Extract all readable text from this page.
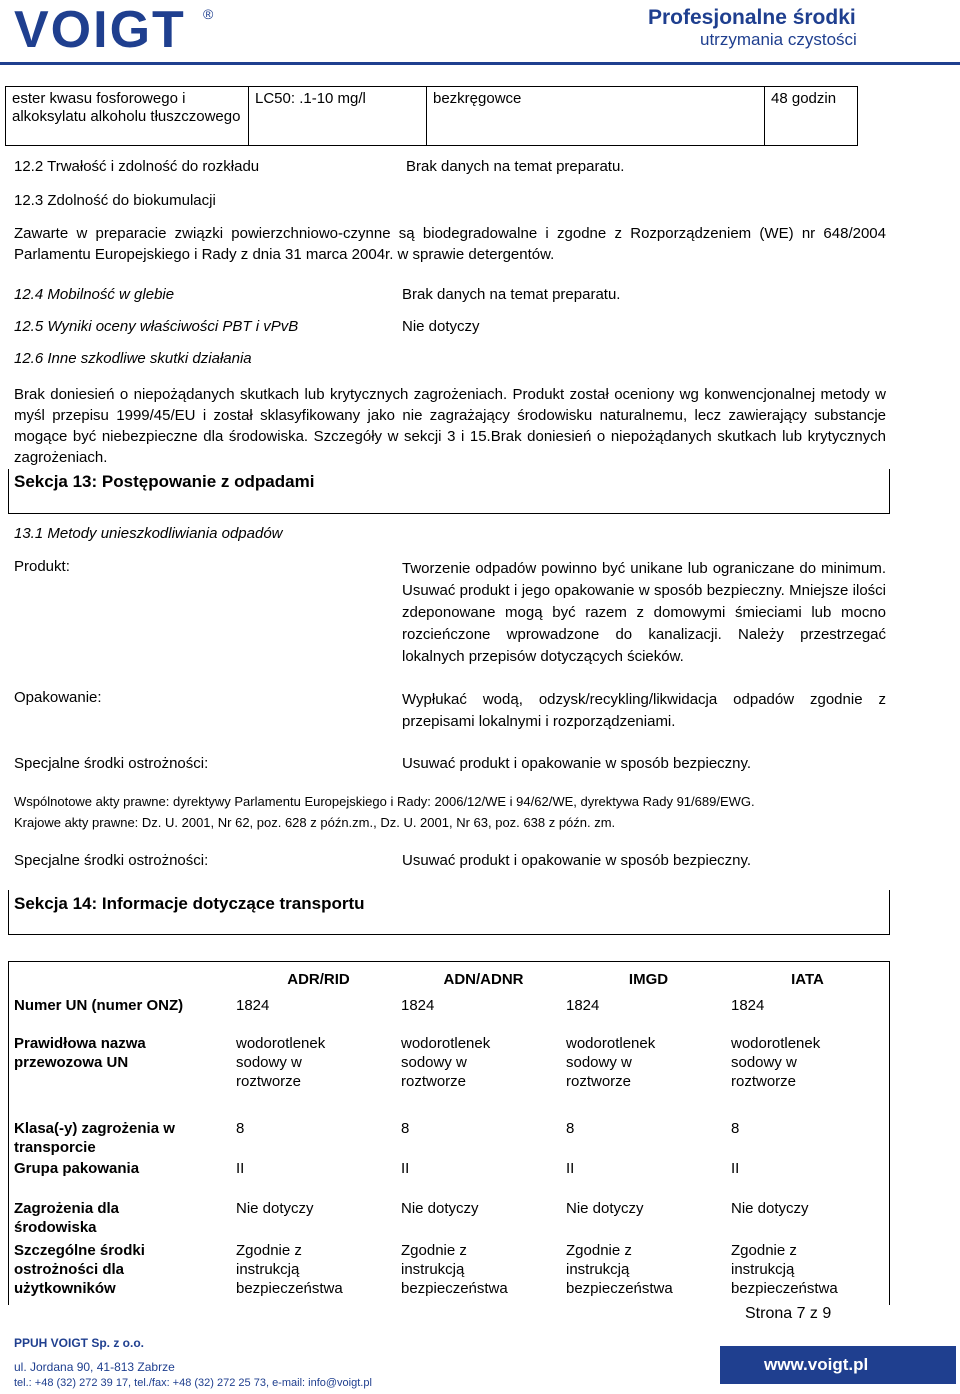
VOIGT ®	Profesjonalne środki
utrzymania czystości
ester kwasu fosforowego i alkoksylatu alkoholu tłuszczowego	LC50: .1-10 mg/l	bezkręgowce	48 godzin
12.2 Trwałość i zdolność do rozkładu	Brak danych na temat preparatu.
12.3 Zdolność do biokumulacji
Zawarte w preparacie związki powierzchniowo-czynne są biodegradowalne i zgodne z Rozporządzeniem (WE) nr 648/2004 Parlamentu Europejskiego i Rady z dnia 31 marca 2004r. w sprawie detergentów.
12.4 Mobilność w glebie	Brak danych na temat preparatu.
12.5 Wyniki oceny właściwości PBT i vPvB	Nie dotyczy
12.6 Inne szkodliwe skutki działania
Brak doniesień o niepożądanych skutkach lub krytycznych zagrożeniach. Produkt został oceniony wg konwencjonalnej metody w myśl przepisu 1999/45/EU i został sklasyfikowany jako nie zagrażający środowisku naturalnemu, lecz zawierający substancje mogące być niebezpieczne dla środowiska. Szczegóły w sekcji 3 i 15.Brak doniesień o niepożądanych skutkach lub krytycznych zagrożeniach.
Sekcja 13: Postępowanie z odpadami
13.1 Metody unieszkodliwiania odpadów
Produkt:	Tworzenie odpadów powinno być unikane lub ograniczane do minimum. Usuwać produkt i jego opakowanie w sposób bezpieczny. Mniejsze ilości zdeponowane mogą być razem z domowymi śmieciami lub mocno rozcieńczone wprowadzone do kanalizacji. Należy przestrzegać lokalnych przepisów dotyczących ścieków.
Opakowanie:	Wypłukać wodą, odzysk/recykling/likwidacja odpadów zgodnie z przepisami lokalnymi i rozporządzeniami.
Specjalne środki ostrożności:	Usuwać produkt i opakowanie w sposób bezpieczny.
Wspólnotowe akty prawne: dyrektywy Parlamentu Europejskiego i Rady: 2006/12/WE i 94/62/WE, dyrektywa Rady 91/689/EWG.
Krajowe akty prawne: Dz. U. 2001, Nr 62, poz. 628 z późn.zm., Dz. U. 2001, Nr 63, poz. 638 z późn. zm.
Specjalne środki ostrożności:	Usuwać produkt i opakowanie w sposób bezpieczny.
Sekcja 14: Informacje dotyczące transportu
	ADR/RID	ADN/ADNR	IMGD	IATA
Numer UN (numer ONZ)	1824	1824	1824	1824
Prawidłowa nazwa przewozowa UN	wodorotlenek sodowy w roztworze	wodorotlenek sodowy w roztworze	wodorotlenek sodowy w roztworze	wodorotlenek sodowy w roztworze
Klasa(-y) zagrożenia w transporcie	8	8	8	8
Grupa pakowania	II	II	II	II
Zagrożenia dla środowiska	Nie dotyczy	Nie dotyczy	Nie dotyczy	Nie dotyczy
Szczególne środki ostrożności dla użytkowników	Zgodnie z instrukcją bezpieczeństwa	Zgodnie z instrukcją bezpieczeństwa	Zgodnie z instrukcją bezpieczeństwa	Zgodnie z instrukcją bezpieczeństwa
Strona 7 z 9
PPUH VOIGT Sp. z o.o.
ul. Jordana 90, 41-813 Zabrze
tel.: +48 (32) 272 39 17, tel./fax: +48 (32) 272 25 73, e-mail: info@voigt.pl
www.voigt.pl
